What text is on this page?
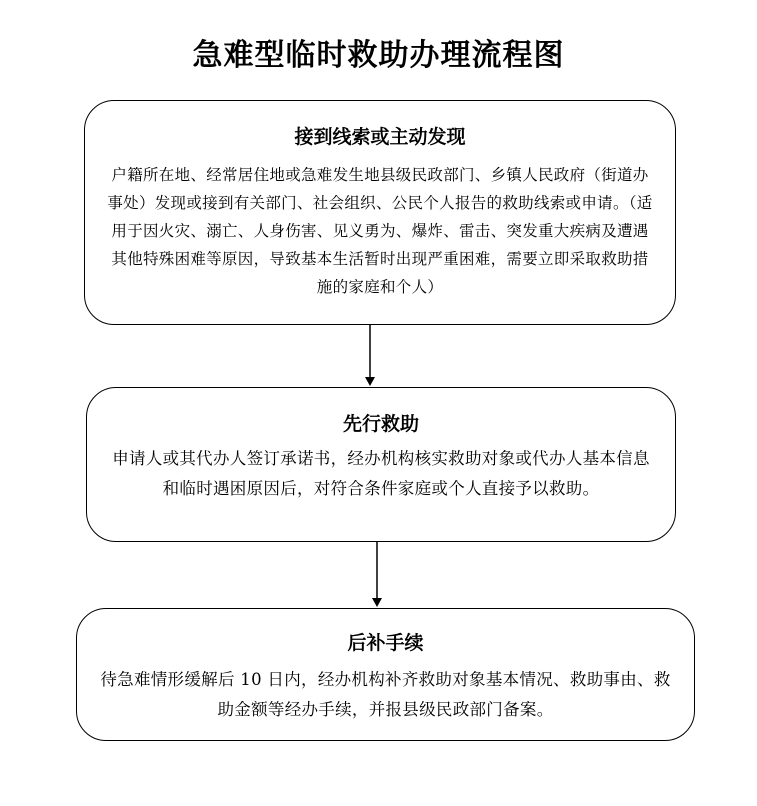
急难型临时救助办理流程图
接到线索或主动发现
户籍所在地、经常居住地或急难发生地县级民政部门、乡镇人民政府（街道办事处）发现或接到有关部门、社会组织、公民个人报告的救助线索或申请。（适用于因火灾、溺亡、人身伤害、见义勇为、爆炸、雷击、突发重大疾病及遭遇其他特殊困难等原因，导致基本生活暂时出现严重困难，需要立即采取救助措施的家庭和个人）
先行救助
申请人或其代办人签订承诺书，经办机构核实救助对象或代办人基本信息和临时遇困原因后，对符合条件家庭或个人直接予以救助。
后补手续
待急难情形缓解后 10 日内，经办机构补齐救助对象基本情况、救助事由、救助金额等经办手续，并报县级民政部门备案。
